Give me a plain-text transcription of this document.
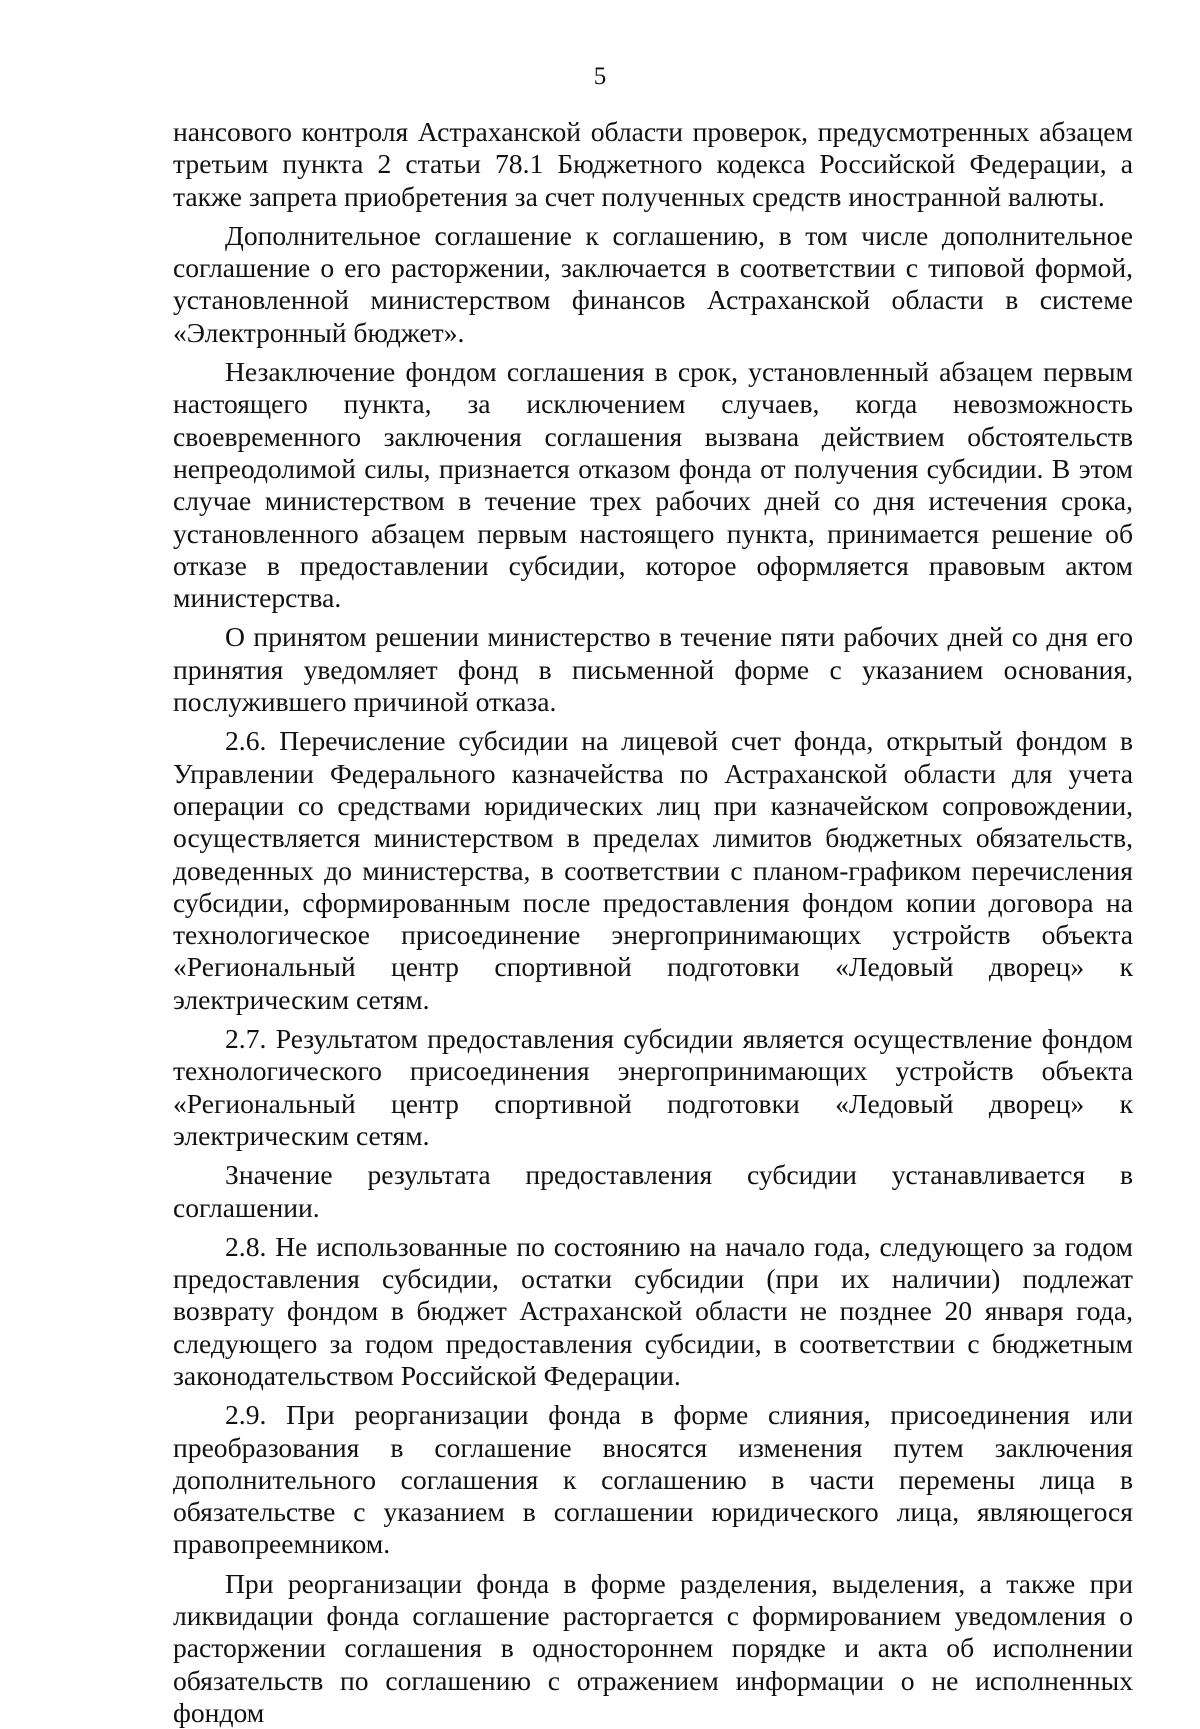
5

нансового контроля Астраханской области проверок, предусмотренных абзацем третьим пункта 2 статьи 78.1 Бюджетного кодекса Российской Федерации, а также запрета приобретения за счет полученных средств иностранной валюты.

Дополнительное соглашение к соглашению, в том числе дополнительное соглашение о его расторжении, заключается в соответствии с типовой формой, установленной министерством финансов Астраханской области в системе «Электронный бюджет».

Незаключение фондом соглашения в срок, установленный абзацем первым настоящего пункта, за исключением случаев, когда невозможность своевременного заключения соглашения вызвана действием обстоятельств непреодолимой силы, признается отказом фонда от получения субсидии. В этом случае министерством в течение трех рабочих дней со дня истечения срока, установленного абзацем первым настоящего пункта, принимается решение об отказе в предоставлении субсидии, которое оформляется правовым актом министерства.

О принятом решении министерство в течение пяти рабочих дней со дня его принятия уведомляет фонд в письменной форме с указанием основания, послужившего причиной отказа.

2.6. Перечисление субсидии на лицевой счет фонда, открытый фондом в Управлении Федерального казначейства по Астраханской области для учета операции со средствами юридических лиц при казначейском сопровождении, осуществляется министерством в пределах лимитов бюджетных обязательств, доведенных до министерства, в соответствии с планом-графиком перечисления субсидии, сформированным после предоставления фондом копии договора на технологическое присоединение энергопринимающих устройств объекта «Региональный центр спортивной подготовки «Ледовый дворец» к электрическим сетям.

2.7. Результатом предоставления субсидии является осуществление фондом технологического присоединения энергопринимающих устройств объекта «Региональный центр спортивной подготовки «Ледовый дворец» к электрическим сетям.

Значение результата предоставления субсидии устанавливается в соглашении.

2.8. Не использованные по состоянию на начало года, следующего за годом предоставления субсидии, остатки субсидии (при их наличии) подлежат возврату фондом в бюджет Астраханской области не позднее 20 января года, следующего за годом предоставления субсидии, в соответствии с бюджетным законодательством Российской Федерации.

2.9. При реорганизации фонда в форме слияния, присоединения или преобразования в соглашение вносятся изменения путем заключения дополнительного соглашения к соглашению в части перемены лица в обязательстве с указанием в соглашении юридического лица, являющегося правопреемником.

При реорганизации фонда в форме разделения, выделения, а также при ликвидации фонда соглашение расторгается с формированием уведомления о расторжении соглашения в одностороннем порядке и акта об исполнении обязательств по соглашению с отражением информации о не исполненных фондом
